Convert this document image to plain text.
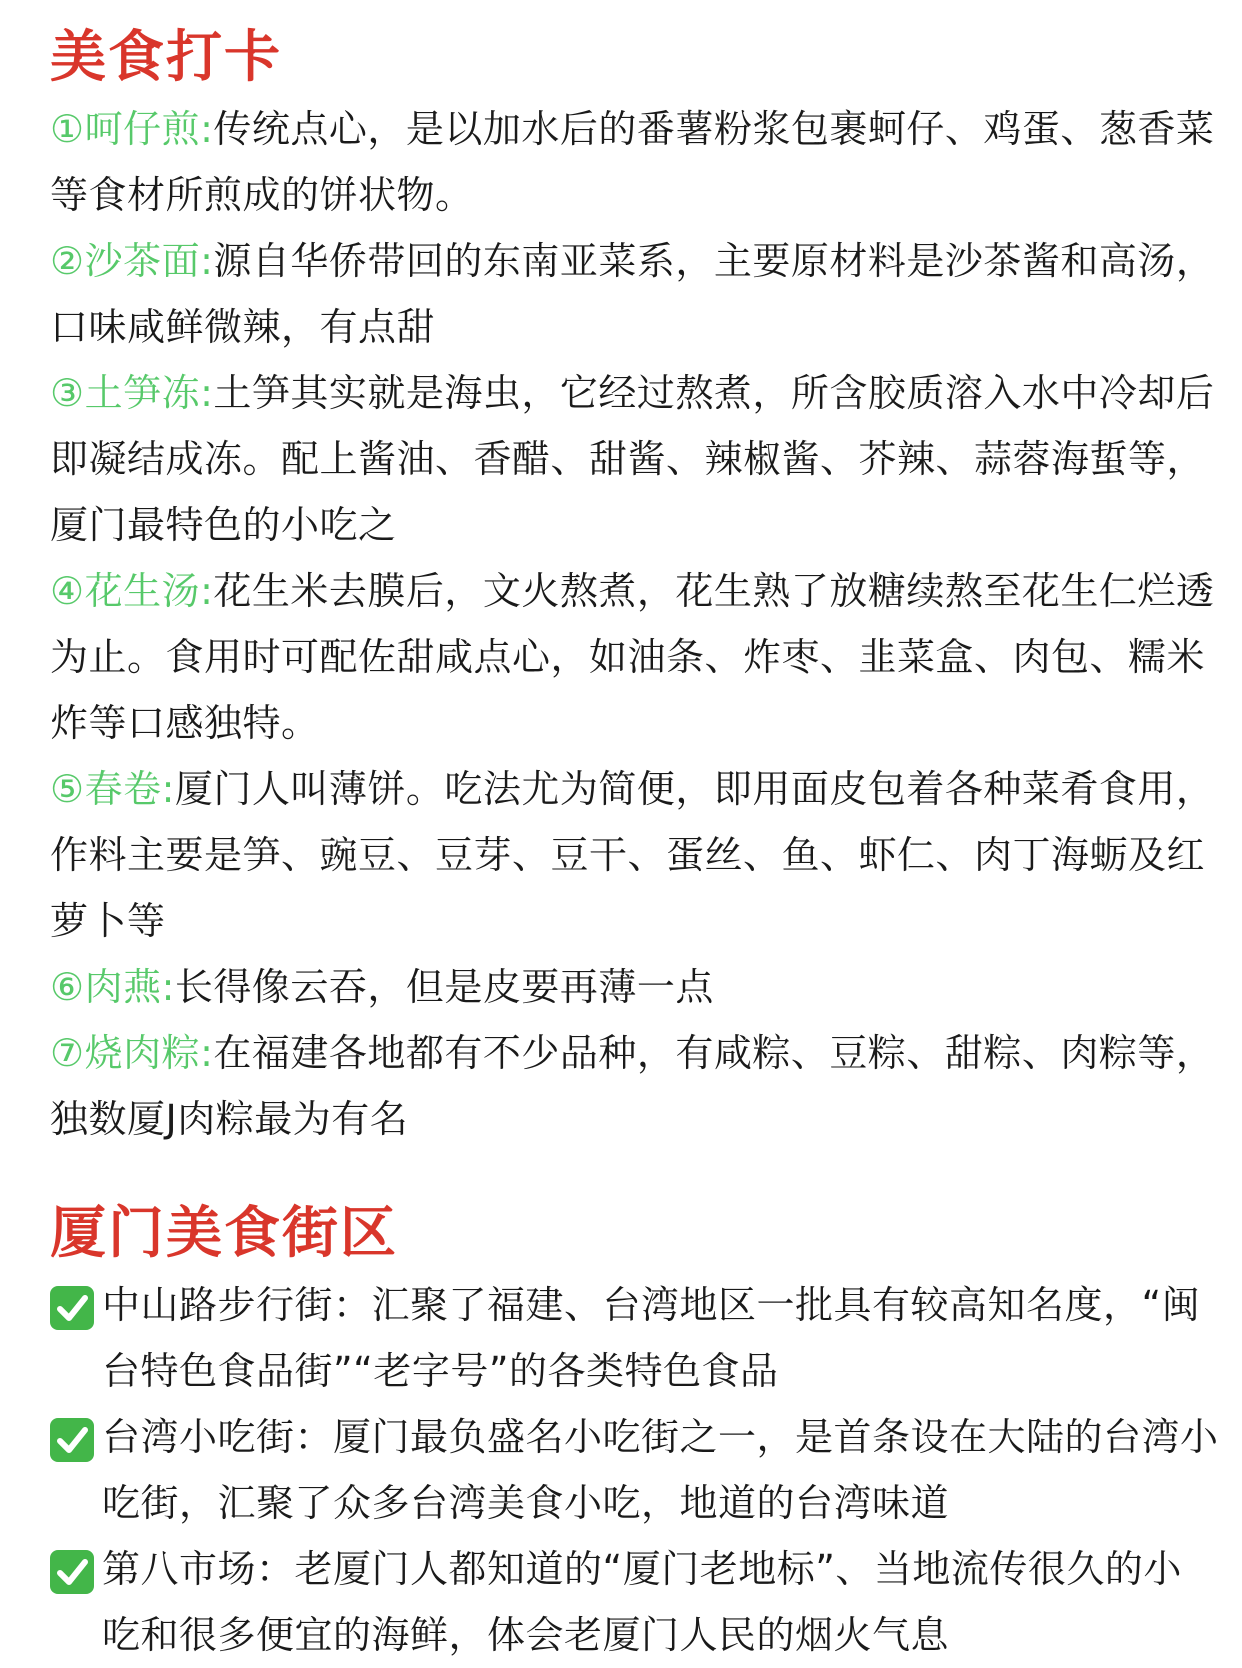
美食打卡

①呵仔煎:传统点心，是以加水后的番薯粉浆包裹蚵仔、鸡蛋、葱香菜等食材所煎成的饼状物。

②沙茶面:源自华侨带回的东南亚菜系，主要原材料是沙茶酱和高汤，口味咸鲜微辣，有点甜

③土笋冻:土笋其实就是海虫，它经过熬煮，所含胶质溶入水中冷却后即凝结成冻。配上酱油、香醋、甜酱、辣椒酱、芥辣、蒜蓉海蜇等，厦门最特色的小吃之

④花生汤:花生米去膜后，文火熬煮，花生熟了放糖续熬至花生仁烂透为止。食用时可配佐甜咸点心，如油条、炸枣、韭菜盒、肉包、糯米炸等口感独特。

⑤春卷:厦门人叫薄饼。吃法尤为简便，即用面皮包着各种菜肴食用，作料主要是笋、豌豆、豆芽、豆干、蛋丝、鱼、虾仁、肉丁海蛎及红萝卜等

⑥肉燕:长得像云吞，但是皮要再薄一点

⑦烧肉粽:在福建各地都有不少品种，有咸粽、豆粽、甜粽、肉粽等，独数厦J肉粽最为有名

厦门美食街区
中山路步行街：汇聚了福建、台湾地区一批具有较高知名度，“闽台特色食品街”“老字号”的各类特色食品
台湾小吃街：厦门最负盛名小吃街之一，是首条设在大陆的台湾小吃街，汇聚了众多台湾美食小吃，地道的台湾味道
第八市场：老厦门人都知道的“厦门老地标”、当地流传很久的小吃和很多便宜的海鲜，体会老厦门人民的烟火气息
